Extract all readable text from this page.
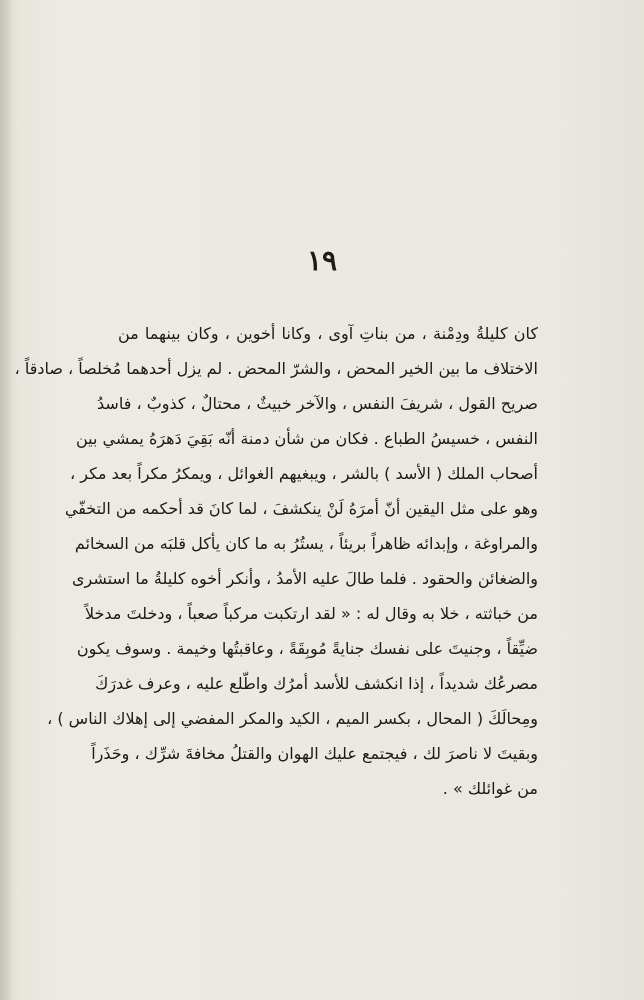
١٩
كان كليلةُ ودِمْنة ، من بناتِ آوى ، وكانا أخوين ، وكان بينهما من
الاختلاف ما بين الخير المحض ، والشرّ المحض . لم يزل أحدهما مُخلصاً ، صادقاً ،
صريح القول ، شريفَ النفس ، والآخر خبيثٌ ، محتالٌ ، كذوبٌ ، فاسدُ
النفس ، خسيسُ الطباع . فكان من شأن دمنة أنّه بَقِيَ دَهرَهُ يمشي بين
أصحاب الملك ( الأسد ) بالشر ، ويبغيهم الغوائل ، ويمكرُ مكراً بعد مكر ،
وهو على مثل اليقين أنّ أمرَهُ لَنْ ينكشفَ ، لما كانَ قد أحكمه من التخفّي
والمراوغة ، وإبدائه ظاهراً بريئاً ، يستُرُ به ما كان يأكل قلبَه من السخائم
والضغائن والحقود . فلما طالَ عليه الأمدُ ، وأنكر أخوه كليلةُ ما استشرى
من خباثته ، خلا به وقال له : « لقد ارتكبت مركباً صعباً ، ودخلتَ مدخلاً
ضيِّقاً ، وجنيتَ على نفسك جنايةً مُوبِقَةً ، وعاقبتُها وخيمة . وسوف يكون
مصرعُك شديداً ، إذا انكشف للأسد أمرُك واطّلع عليه ، وعرف غدرَكَ
ومِحالَكَ ( المحال ، بكسر الميم ، الكيد والمكر المفضي إلى إهلاك الناس ) ،
وبقيتَ لا ناصرَ لك ، فيجتمع عليك الهوان والقتلُ مخافةَ شرِّك ، وحَذَراً
من غوائلك » .
